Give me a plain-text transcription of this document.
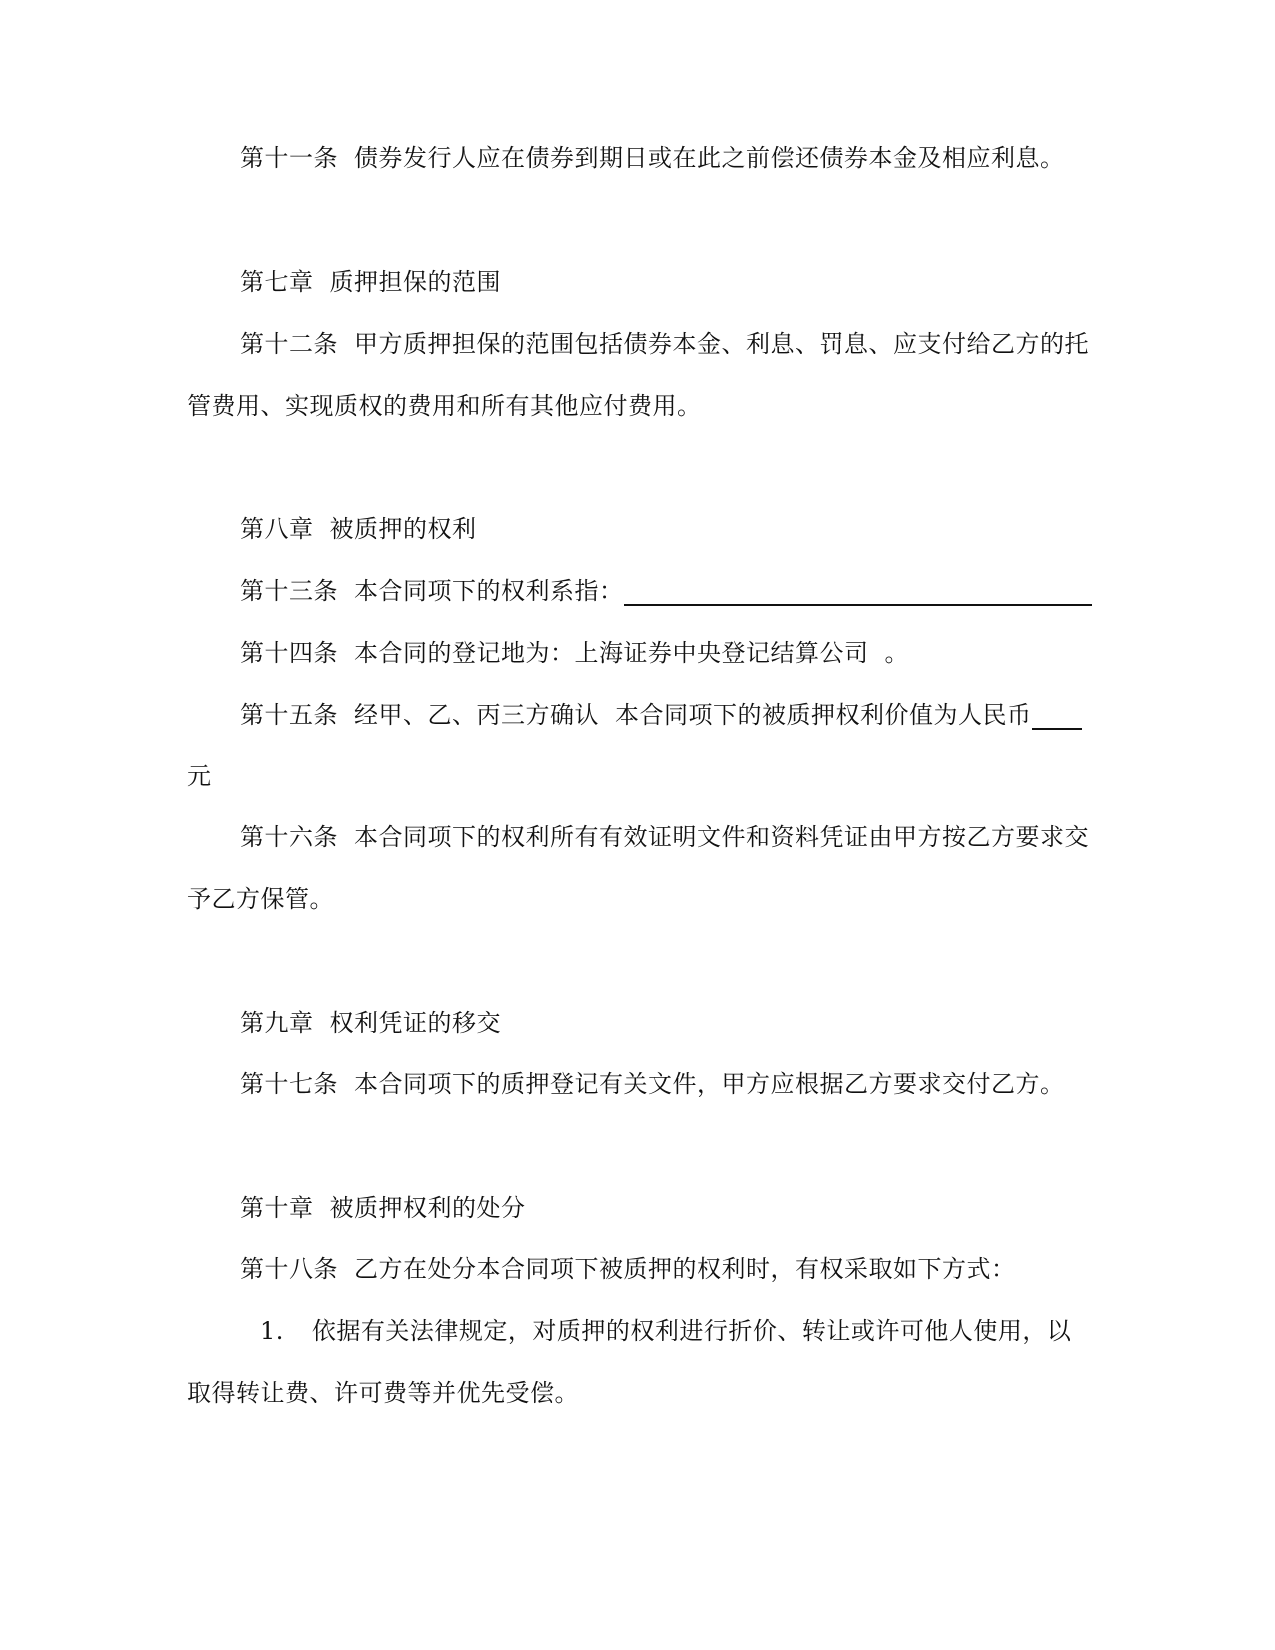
第十一条 债券发行人应在债券到期日或在此之前偿还债券本金及相应利息。
第七章 质押担保的范围
第十二条 甲方质押担保的范围包括债券本金、利息、罚息、应支付给乙方的托
管费用、实现质权的费用和所有其他应付费用。
第八章 被质押的权利
第十三条 本合同项下的权利系指：
第十四条 本合同的登记地为：上海证券中央登记结算公司 。
第十五条 经甲、乙、丙三方确认 本合同项下的被质押权利价值为人民币
元
第十六条 本合同项下的权利所有有效证明文件和资料凭证由甲方按乙方要求交
予乙方保管。
第九章 权利凭证的移交
第十七条 本合同项下的质押登记有关文件，甲方应根据乙方要求交付乙方。
第十章 被质押权利的处分
第十八条 乙方在处分本合同项下被质押的权利时，有权采取如下方式：
1. 依据有关法律规定，对质押的权利进行折价、转让或许可他人使用，以
取得转让费、许可费等并优先受偿。
